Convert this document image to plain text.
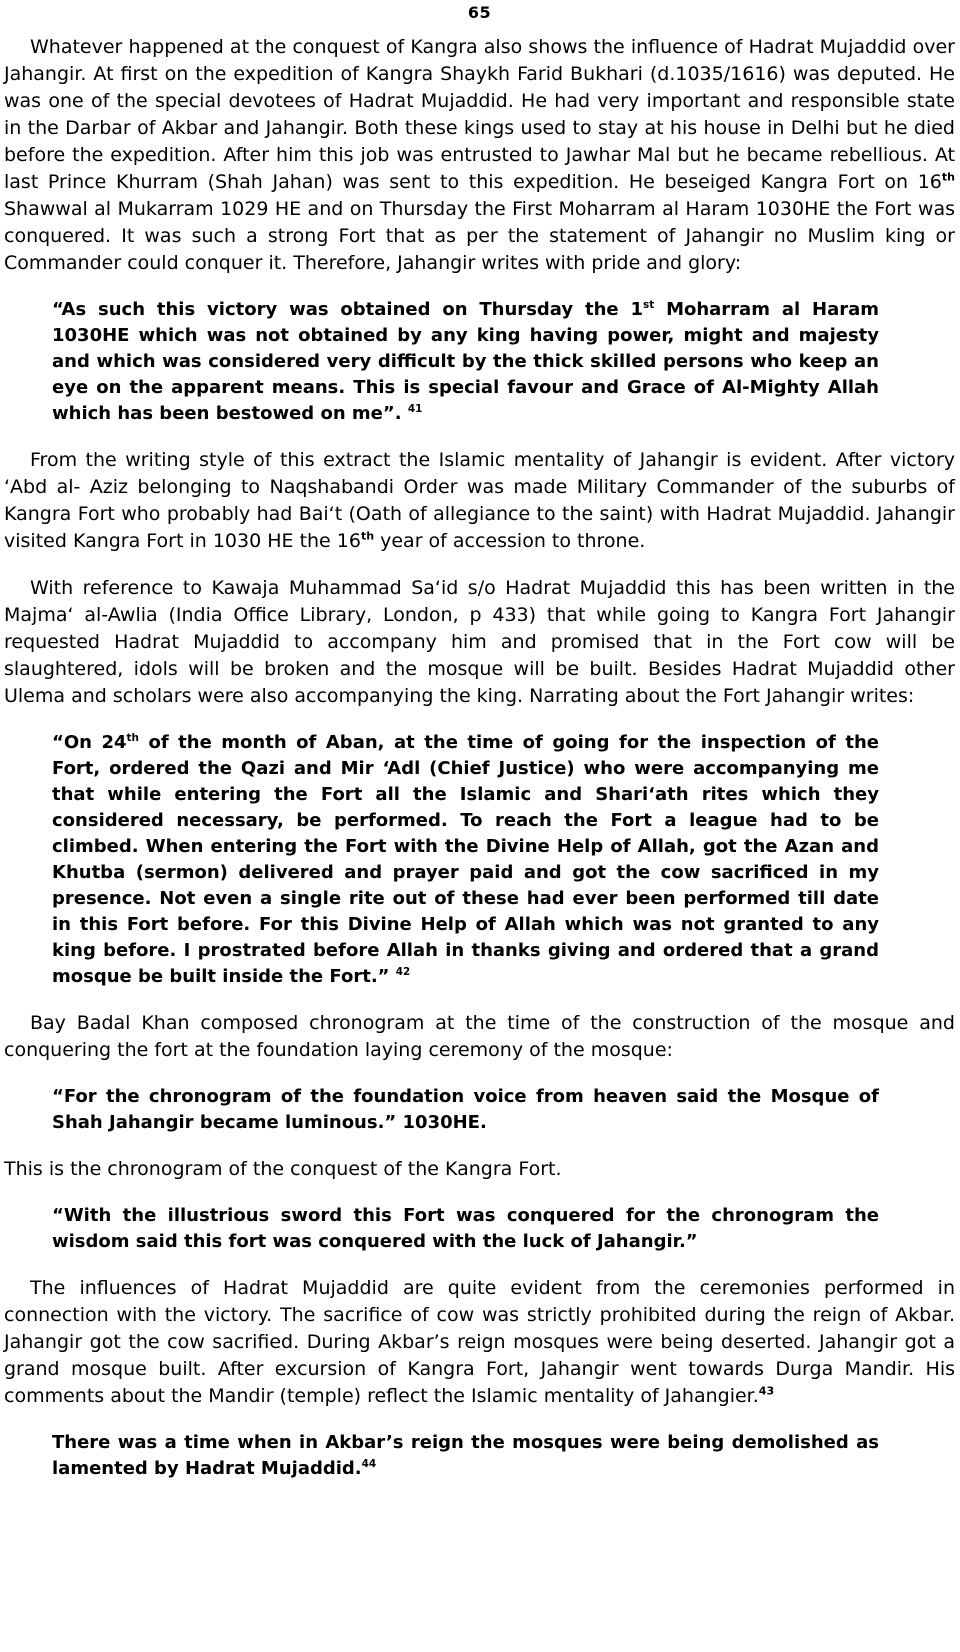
65

Whatever happened at the conquest of Kangra also shows the influence of Hadrat Mujaddid over Jahangir. At first on the expedition of Kangra Shaykh Farid Bukhari (d.1035/1616) was deputed. He was one of the special devotees of Hadrat Mujaddid. He had very important and responsible state in the Darbar of Akbar and Jahangir. Both these kings used to stay at his house in Delhi but he died before the expedition. After him this job was entrusted to Jawhar Mal but he became rebellious. At last Prince Khurram (Shah Jahan) was sent to this expedition. He beseiged Kangra Fort on 16th Shawwal al Mukarram 1029 HE and on Thursday the First Moharram al Haram 1030HE the Fort was conquered. It was such a strong Fort that as per the statement of Jahangir no Muslim king or Commander could conquer it. Therefore, Jahangir writes with pride and glory:

“As such this victory was obtained on Thursday the 1st Moharram al Haram 1030HE which was not obtained by any king having power, might and majesty and which was considered very difficult by the thick skilled persons who keep an eye on the apparent means. This is special favour and Grace of Al-Mighty Allah which has been bestowed on me”. $^{41}$

From the writing style of this extract the Islamic mentality of Jahangir is evident. After victory ‘Abd al- Aziz belonging to Naqshabandi Order was made Military Commander of the suburbs of Kangra Fort who probably had Bai‘t (Oath of allegiance to the saint) with Hadrat Mujaddid. Jahangir visited Kangra Fort in 1030 HE the 16th year of accession to throne.

With reference to Kawaja Muhammad Sa‘id s/o Hadrat Mujaddid this has been written in the Majma‘ al-Awlia (India Office Library, London, p 433) that while going to Kangra Fort Jahangir requested Hadrat Mujaddid to accompany him and promised that in the Fort cow will be slaughtered, idols will be broken and the mosque will be built. Besides Hadrat Mujaddid other Ulema and scholars were also accompanying the king. Narrating about the Fort Jahangir writes:

“On 24th of the month of Aban, at the time of going for the inspection of the Fort, ordered the Qazi and Mir ‘Adl (Chief Justice) who were accompanying me that while entering the Fort all the Islamic and Shari‘ath rites which they considered necessary, be performed. To reach the Fort a league had to be climbed. When entering the Fort with the Divine Help of Allah, got the Azan and Khutba (sermon) delivered and prayer paid and got the cow sacrificed in my presence. Not even a single rite out of these had ever been performed till date in this Fort before. For this Divine Help of Allah which was not granted to any king before. I prostrated before Allah in thanks giving and ordered that a grand mosque be built inside the Fort.” $^{42}$

Bay Badal Khan composed chronogram at the time of the construction of the mosque and conquering the fort at the foundation laying ceremony of the mosque:

“For the chronogram of the foundation voice from heaven said the Mosque of Shah Jahangir became luminous.” 1030HE.

This is the chronogram of the conquest of the Kangra Fort.

“With the illustrious sword this Fort was conquered for the chronogram the wisdom said this fort was conquered with the luck of Jahangir.”

The influences of Hadrat Mujaddid are quite evident from the ceremonies performed in connection with the victory. The sacrifice of cow was strictly prohibited during the reign of Akbar. Jahangir got the cow sacrified. During Akbar’s reign mosques were being deserted. Jahangir got a grand mosque built. After excursion of Kangra Fort, Jahangir went towards Durga Mandir. His comments about the Mandir (temple) reflect the Islamic mentality of Jahangier.$^{43}$

There was a time when in Akbar’s reign the mosques were being demolished as lamented by Hadrat Mujaddid.$^{44}$
